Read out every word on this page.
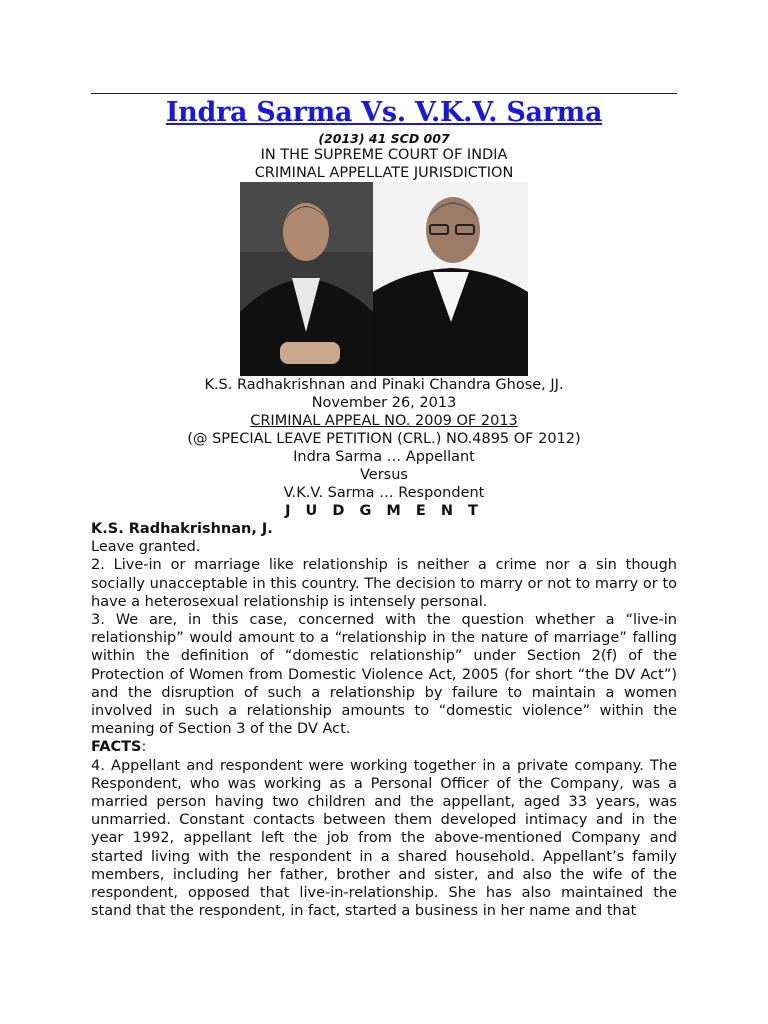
Indra Sarma Vs. V.K.V. Sarma
(2013) 41 SCD 007
IN THE SUPREME COURT OF INDIA
CRIMINAL APPELLATE JURISDICTION
K.S. Radhakrishnan and Pinaki Chandra Ghose, JJ.
November 26, 2013
CRIMINAL APPEAL NO. 2009 OF 2013
(@ SPECIAL LEAVE PETITION (CRL.) NO.4895 OF 2012)
Indra Sarma … Appellant
Versus
V.K.V. Sarma … Respondent
J U D G M E N T

K.S. Radhakrishnan, J.

Leave granted.

2. Live-in or marriage like relationship is neither a crime nor a sin though socially unacceptable in this country. The decision to marry or not to marry or to have a heterosexual relationship is intensely personal.

3. We are, in this case, concerned with the question whether a “live-in relationship” would amount to a “relationship in the nature of marriage” falling within the definition of “domestic relationship” under Section 2(f) of the Protection of Women from Domestic Violence Act, 2005 (for short “the DV Act”) and the disruption of such a relationship by failure to maintain a women involved in such a relationship amounts to “domestic violence” within the meaning of Section 3 of the DV Act.

FACTS:

4. Appellant and respondent were working together in a private company. The Respondent, who was working as a Personal Officer of the Company, was a married person having two children and the appellant, aged 33 years, was unmarried. Constant contacts between them developed intimacy and in the year 1992, appellant left the job from the above-mentioned Company and started living with the respondent in a shared household. Appellant’s family members, including her father, brother and sister, and also the wife of the respondent, opposed that live-in-relationship. She has also maintained the stand that the respondent, in fact, started a business in her name and that
